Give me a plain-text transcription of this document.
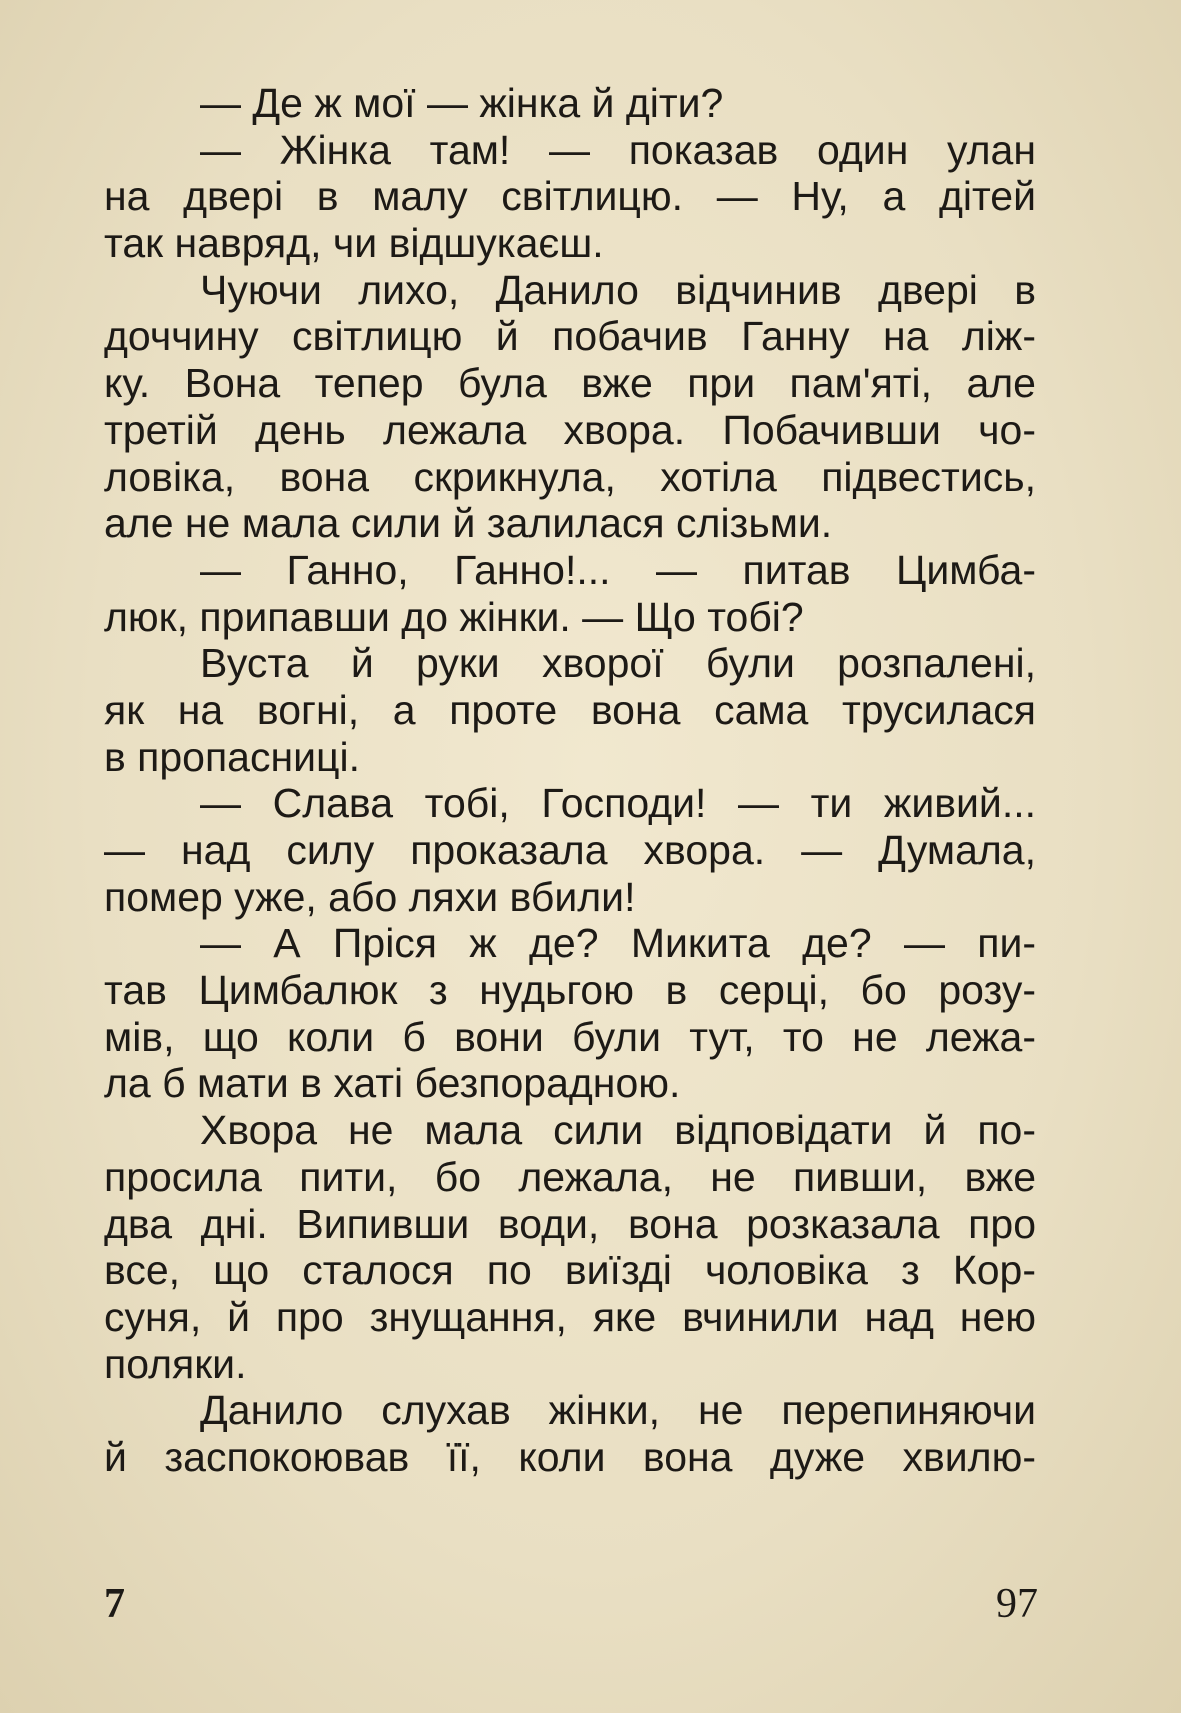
— Де ж мої — жінка й діти?
— Жінка там! — показав один улан
на двері в малу світлицю. — Ну, а дітей
так навряд, чи відшукаєш.
Чуючи лихо, Данило відчинив двері в
доччину світлицю й побачив Ганну на ліж-
ку. Вона тепер була вже при пам'яті, але
третій день лежала хвора. Побачивши чо-
ловіка, вона скрикнула, хотіла підвестись,
але не мала сили й залилася слізьми.
— Ганно, Ганно!... — питав Цимба-
люк, припавши до жінки. — Що тобі?
Вуста й руки хворої були розпалені,
як на вогні, а проте вона сама трусилася
в пропасниці.
— Слава тобі, Господи! — ти живий...
— над силу проказала хвора. — Думала,
помер уже, або ляхи вбили!
— А Пріся ж де? Микита де? — пи-
тав Цимбалюк з нудьгою в серці, бо розу-
мів, що коли б вони були тут, то не лежа-
ла б мати в хаті безпорадною.
Хвора не мала сили відповідати й по-
просила пити, бо лежала, не пивши, вже
два дні. Випивши води, вона розказала про
все, що сталося по виїзді чоловіка з Кор-
суня, й про знущання, яке вчинили над нею
поляки.
Данило слухав жінки, не перепиняючи
й заспокоював її, коли вона дуже хвилю-
7	97
